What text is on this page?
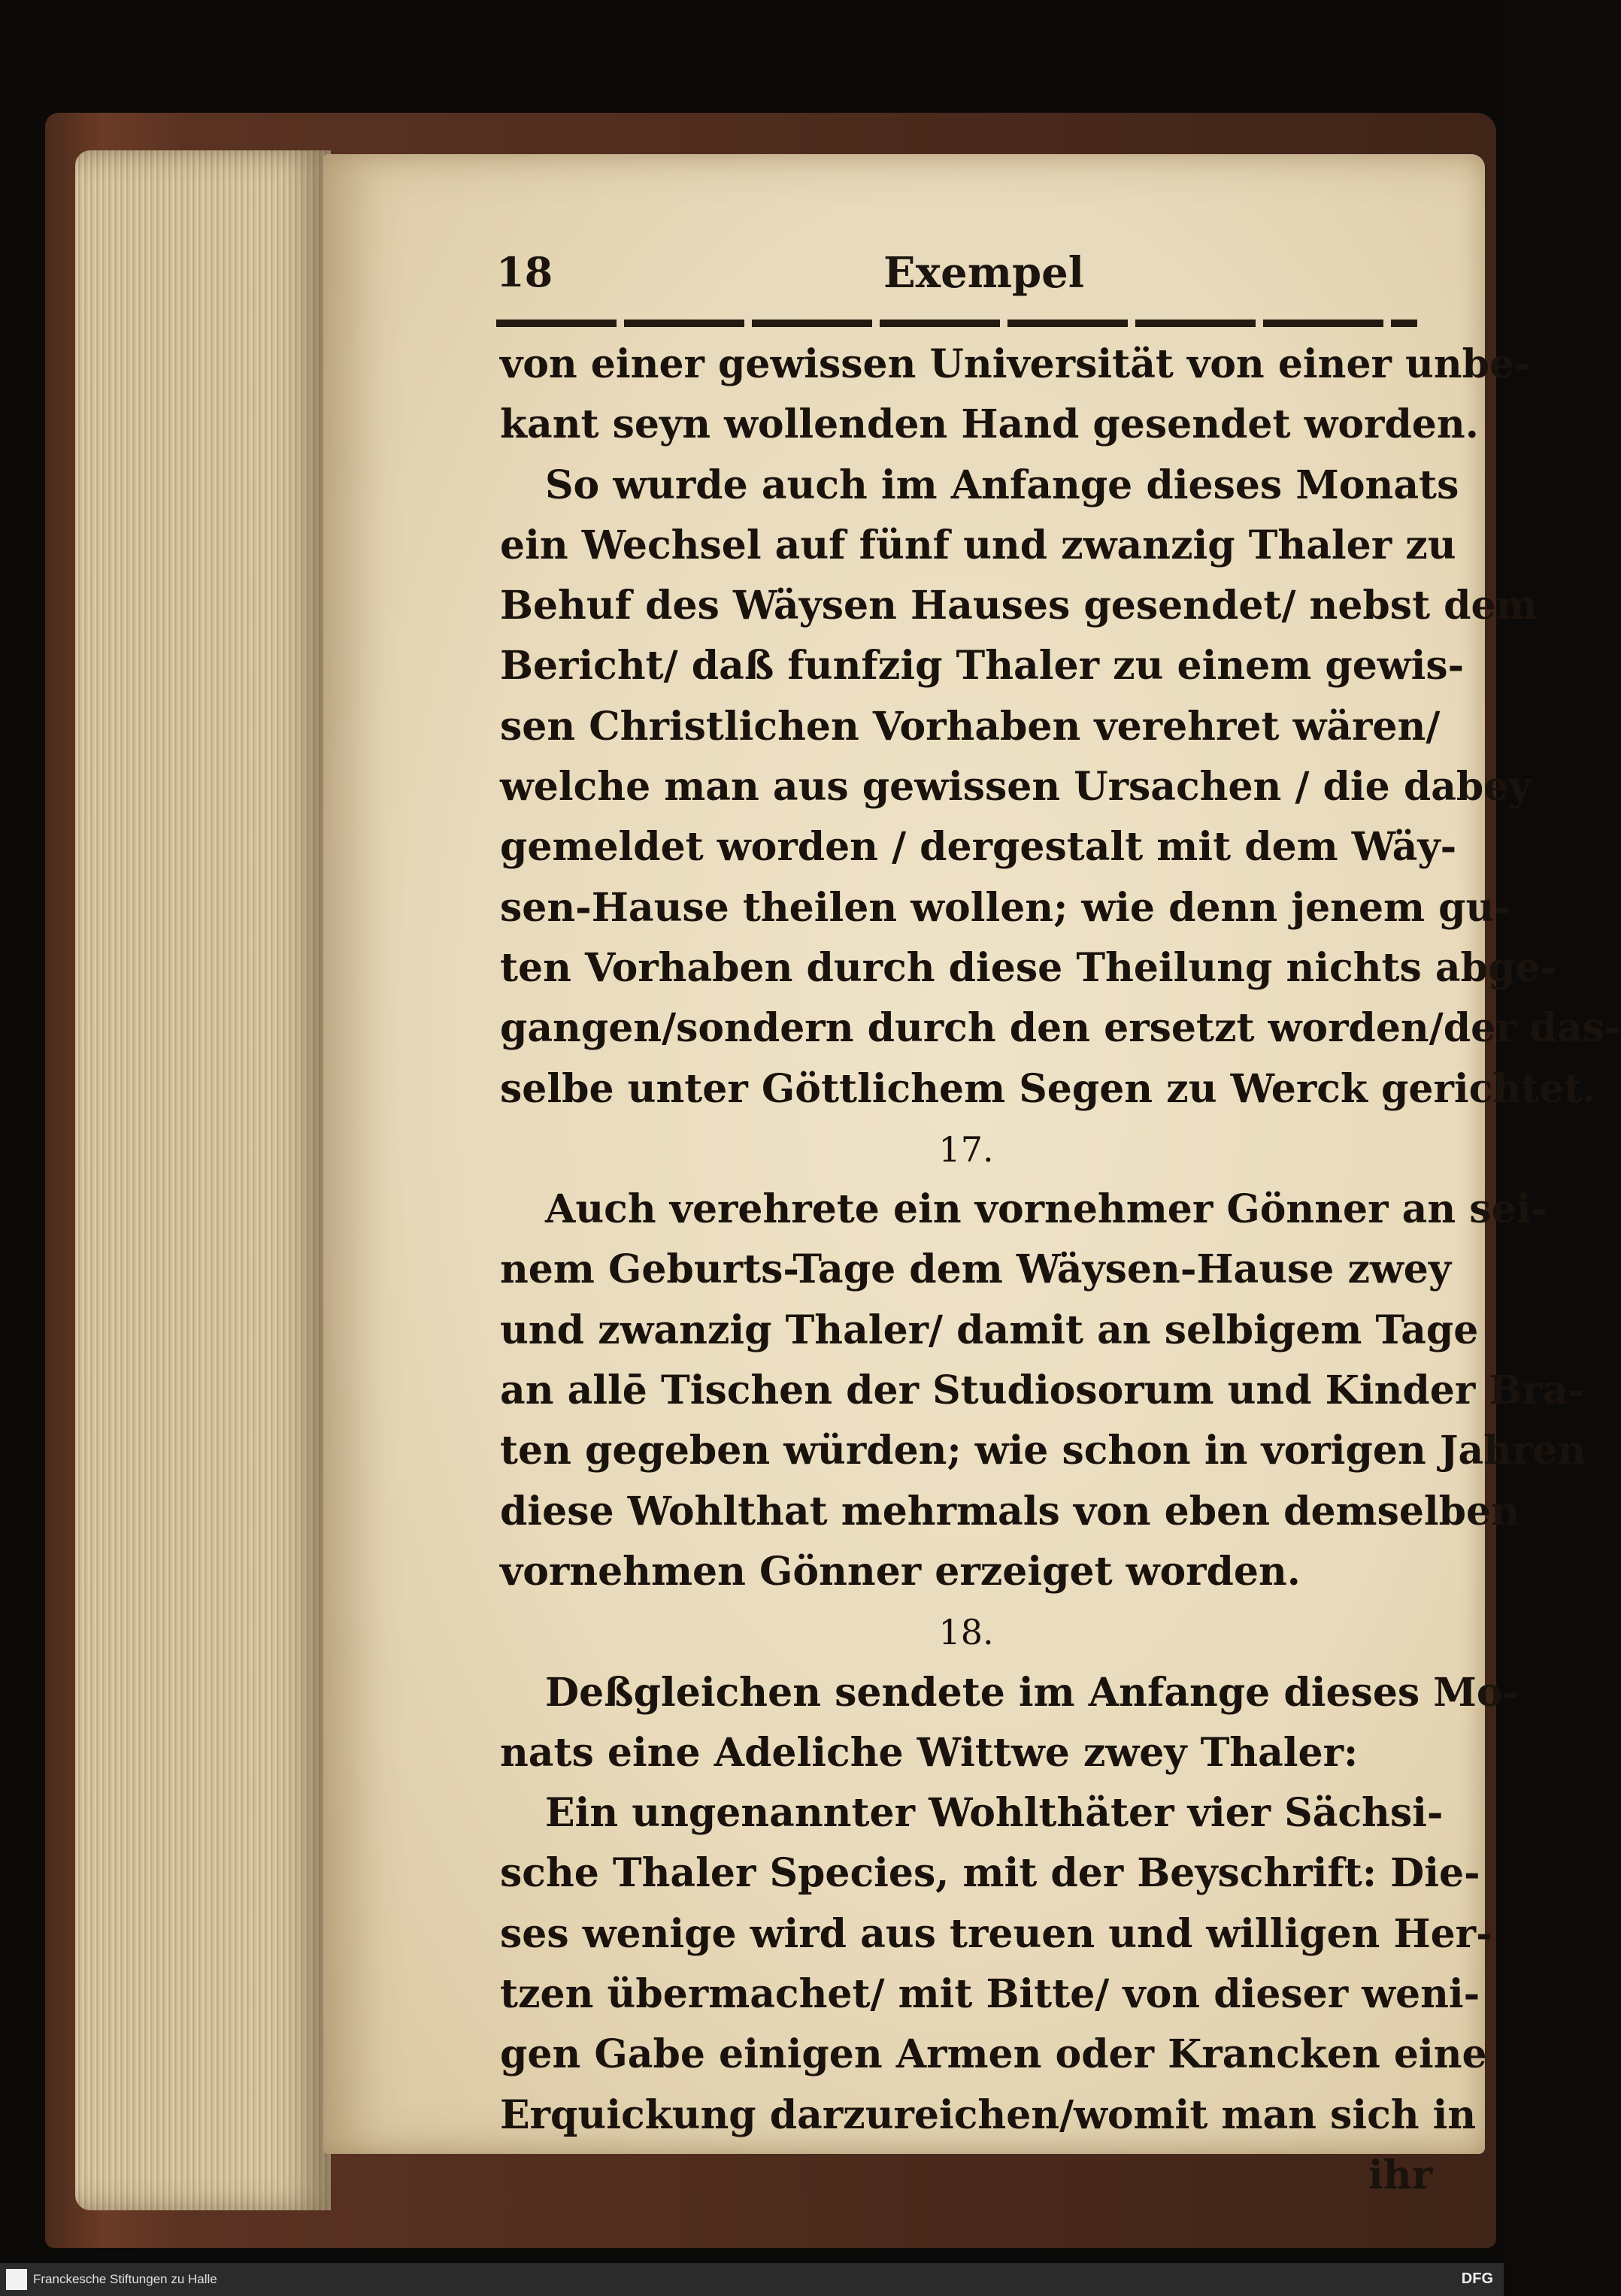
18	Exempel
von einer gewissen Universität von einer unbe-
kant seyn wollenden Hand gesendet worden.
So wurde auch im Anfange dieses Monats
ein Wechsel auf fünf und zwanzig Thaler zu
Behuf des Wäysen Hauses gesendet/ nebst dem
Bericht/ daß funfzig Thaler zu einem gewis-
sen Christlichen Vorhaben verehret wären/
welche man aus gewissen Ursachen / die dabey
gemeldet worden / dergestalt mit dem Wäy-
sen-Hause theilen wollen; wie denn jenem gu-
ten Vorhaben durch diese Theilung nichts abge-
gangen/sondern durch den ersetzt worden/der das-
selbe unter Göttlichem Segen zu Werck gerichtet.
17.
Auch verehrete ein vornehmer Gönner an sei-
nem Geburts-Tage dem Wäysen-Hause zwey
und zwanzig Thaler/ damit an selbigem Tage
an allē Tischen der Studiosorum und Kinder Bra-
ten gegeben würden; wie schon in vorigen Jahren
diese Wohlthat mehrmals von eben demselben
vornehmen Gönner erzeiget worden.
18.
Deßgleichen sendete im Anfange dieses Mo-
nats eine Adeliche Wittwe zwey Thaler:
Ein ungenannter Wohlthäter vier Sächsi-
sche Thaler Species, mit der Beyschrift: Die-
ses wenige wird aus treuen und willigen Her-
tzen übermachet/ mit Bitte/ von dieser weni-
gen Gabe einigen Armen oder Krancken eine
Erquickung darzureichen/womit man sich in
ihr
Franckesche Stiftungen zu Halle	DFG
